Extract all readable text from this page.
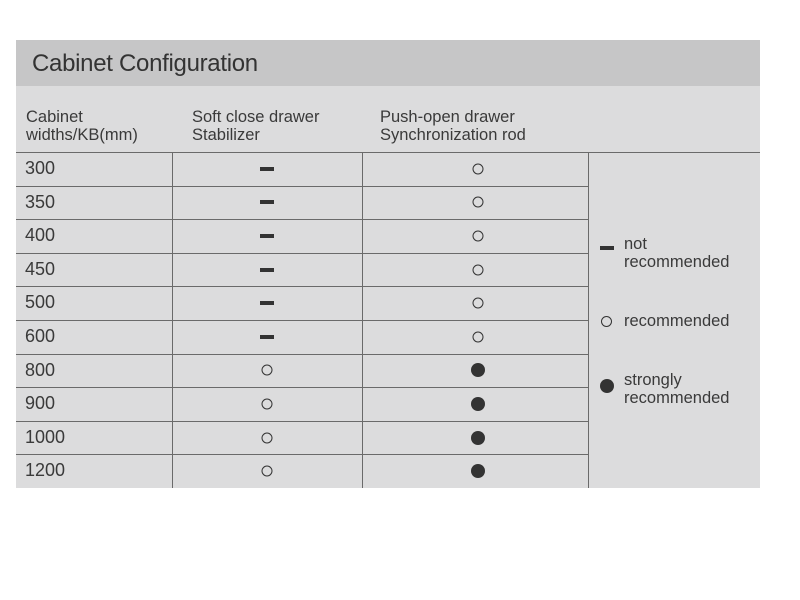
Cabinet Configuration
Cabinet
widths/KB(mm)
Soft close drawer
Stabilizer
Push-open drawer
Synchronization rod
300
350
400
450
500
600
800
900
1000
1200
not
recommended
recommended
strongly
recommended
